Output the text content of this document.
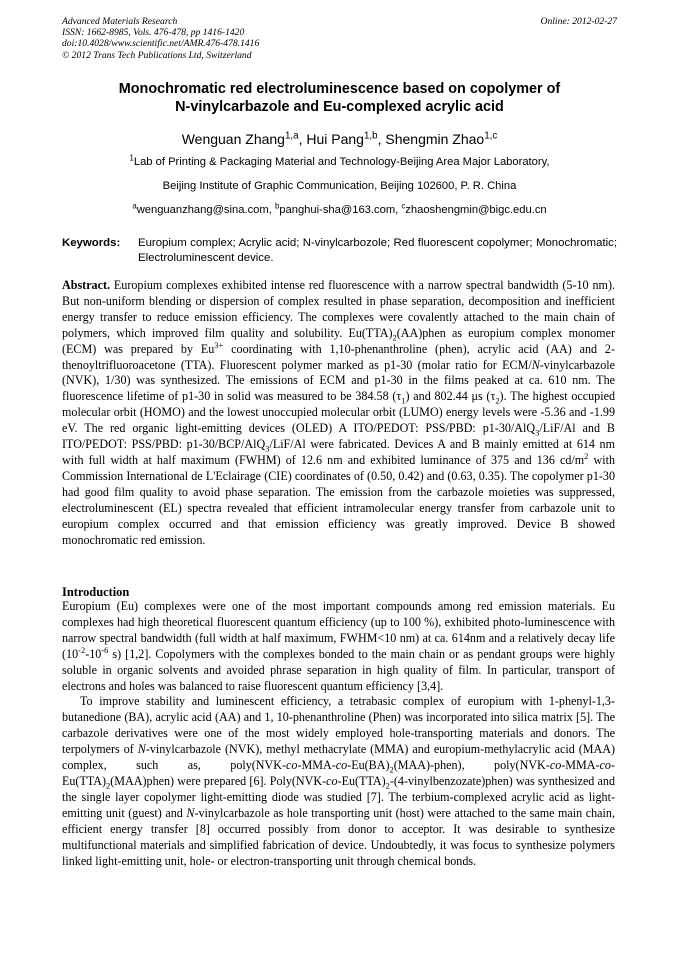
Advanced Materials Research
ISSN: 1662-8985, Vols. 476-478, pp 1416-1420
doi:10.4028/www.scientific.net/AMR.476-478.1416
© 2012 Trans Tech Publications Ltd, Switzerland
Online: 2012-02-27
Monochromatic red electroluminescence based on copolymer of
N-vinylcarbazole and Eu-complexed acrylic acid
Wenguan Zhang$^{1,a}$, Hui Pang$^{1,b}$, Shengmin Zhao$^{1,c}$
$^1$Lab of Printing & Packaging Material and Technology-Beijing Area Major Laboratory,
Beijing Institute of Graphic Communication, Beijing 102600, P. R. China
$^a$wenguanzhang@sina.com, $^b$panghui-sha@163.com, $^c$zhaoshengmin@bigc.edu.cn
Keywords:	Europium complex; Acrylic acid; N-vinylcarbozole; Red fluorescent copolymer; Monochromatic; Electroluminescent device.

Abstract. Europium complexes exhibited intense red fluorescence with a narrow spectral bandwidth (5-10 nm). But non-uniform blending or dispersion of complex resulted in phase separation, decomposition and inefficient energy transfer to reduce emission efficiency. The complexes were covalently attached to the main chain of polymers, which improved film quality and solubility. $Eu(TTA)_2(AA)phen$ as europium complex monomer (ECM) was prepared by $Eu^{3+}$ coordinating with 1,10-phenanthroline (phen), acrylic acid (AA) and 2-thenoyltrifluoroacetone (TTA). Fluorescent polymer marked as p1-30 (molar ratio for ECM/N-vinylcarbazole (NVK), 1/30) was synthesized. The emissions of ECM and p1-30 in the films peaked at ca. 610 nm. The fluorescence lifetime of p1-30 in solid was measured to be 384.58 $(\tau_1)$ and 802.44 μs $(\tau_2)$. The highest occupied molecular orbit (HOMO) and the lowest unoccupied molecular orbit (LUMO) energy levels were -5.36 and -1.99 eV. The red organic light-emitting devices (OLED) A ITO/PEDOT: PSS/PBD: p1-30/AlQ$_3$/LiF/Al and B ITO/PEDOT: PSS/PBD: p1-30/BCP/AlQ$_3$/LiF/Al were fabricated. Devices A and B mainly emitted at 614 nm with full width at half maximum (FWHM) of 12.6 nm and exhibited luminance of 375 and 136 $cd/m^2$ with Commission International de L'Eclairage (CIE) coordinates of (0.50, 0.42) and (0.63, 0.35). The copolymer p1-30 had good film quality to avoid phase separation. The emission from the carbazole moieties was suppressed, electroluminescent (EL) spectra revealed that efficient intramolecular energy transfer from carbazole unit to europium complex occurred and that emission efficiency was greatly improved. Device B showed monochromatic red emission.

Introduction

Europium (Eu) complexes were one of the most important compounds among red emission materials. Eu complexes had high theoretical fluorescent quantum efficiency (up to 100 %), exhibited photo-luminescence with narrow spectral bandwidth (full width at half maximum, FWHM<10 nm) at ca. 614nm and a relatively decay life ($10^{-2}-10^{-6}$ s) [1,2]. Copolymers with the complexes bonded to the main chain or as pendant groups were highly soluble in organic solvents and avoided phrase separation in high quality of film. In particular, transport of electrons and holes was balanced to raise fluorescent quantum efficiency [3,4].

To improve stability and luminescent efficiency, a tetrabasic complex of europium with 1-phenyl-1,3-butanedione (BA), acrylic acid (AA) and 1, 10-phenanthroline (Phen) was incorporated into silica matrix [5]. The carbazole derivatives were one of the most widely employed hole-transporting materials and donors. The terpolymers of N-vinylcarbazole (NVK), methyl methacrylate (MMA) and europium-methylacrylic acid (MAA) complex, such as, $poly(NVK-co-MMA-co-Eu(BA)_2(MAA)-phen)$, $poly(NVK-co-MMA-co-Eu(TTA)_2(MAA)phen)$ were prepared [6]. $Poly(NVK-co-Eu(TTA)_2-(4-vinylbenzozate)phen)$ was synthesized and the single layer copolymer light-emitting diode was studied [7]. The terbium-complexed acrylic acid as light-emitting unit (guest) and N-vinylcarbazole as hole transporting unit (host) were attached to the same main chain, efficient energy transfer [8] occurred possibly from donor to acceptor. It was desirable to synthesize multifunctional materials and simplified fabrication of device. Undoubtedly, it was focus to synthesize polymers linked light-emitting unit, hole- or electron-transporting unit through chemical bonds.
